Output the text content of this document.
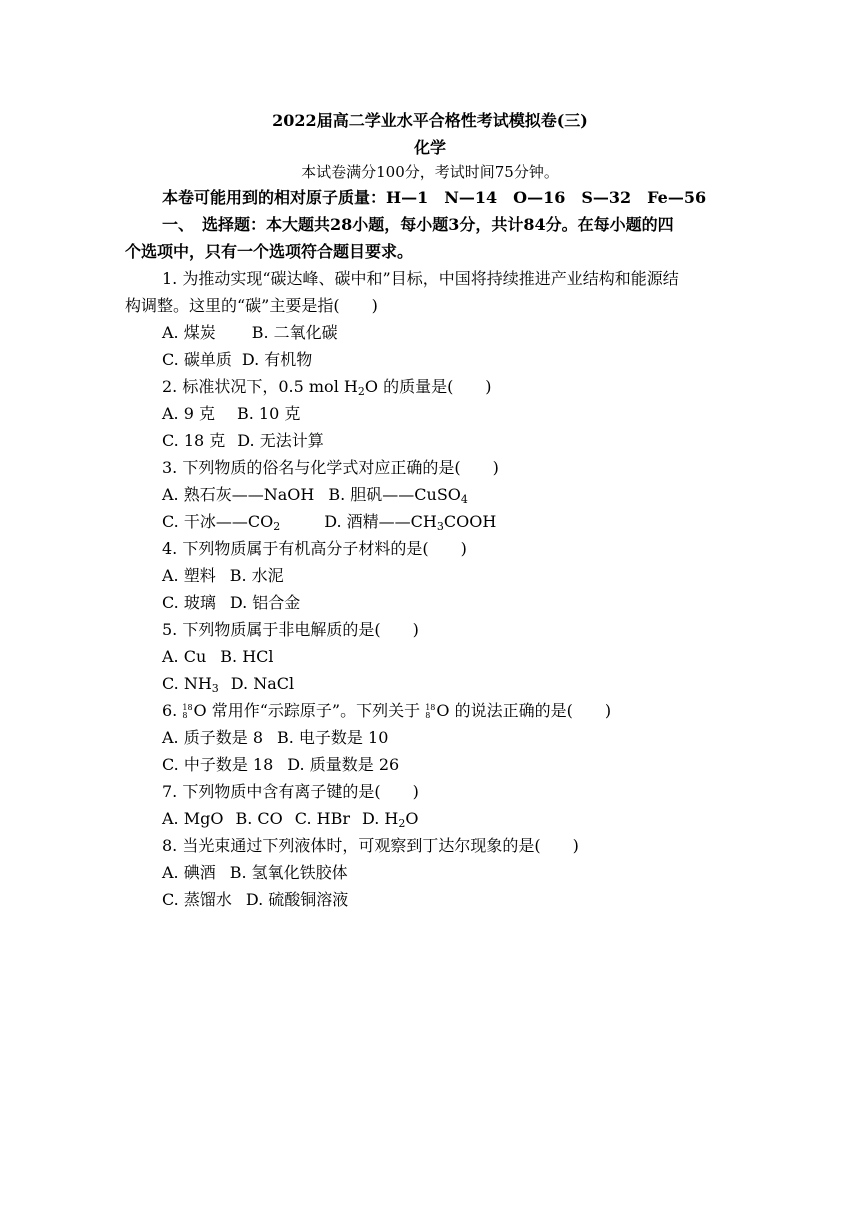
2022届高二学业水平合格性考试模拟卷(三)
化学
本试卷满分100分，考试时间75分钟。
本卷可能用到的相对原子质量：H—1　N—14　O—16　S—32　Fe—56
一、　选择题：本大题共28小题，每小题3分，共计84分。在每小题的四
个选项中，只有一个选项符合题目要求。
1. 为推动实现“碳达峰、碳中和”目标，中国将持续推进产业结构和能源结
构调整。这里的“碳”主要是指(　　)
A. 煤炭 B. 二氧化碳
C. 碳单质 D. 有机物
2. 标准状况下，0.5 mol $H_2O$ 的质量是(　　)
A. 9 克 B. 10 克
C. 18 克 D. 无法计算
3. 下列物质的俗名与化学式对应正确的是(　　)
A. 熟石灰——NaOH B. 胆矾——CuSO$_4$
C. 干冰$——CO_2$	D. 酒精$——CH_3COOH$
4. 下列物质属于有机高分子材料的是(　　)
A. 塑料 B. 水泥
C. 玻璃 D. 铝合金
5. 下列物质属于非电解质的是(　　)
A. Cu B. HCl
C. $NH_3$ D. NaCl
6. 18
8 O 常用作“示踪原子”。下列关于 18
8 O 的说法正确的是(　　)
A. 质子数是 8 B. 电子数是 10
C. 中子数是 18 D. 质量数是 26
7. 下列物质中含有离子键的是(　　)
A. MgO B. CO C. HBr D. $H_2O$
8. 当光束通过下列液体时，可观察到丁达尔现象的是(　　)
A. 碘酒 B. 氢氧化铁胶体
C. 蒸馏水 D. 硫酸铜溶液
